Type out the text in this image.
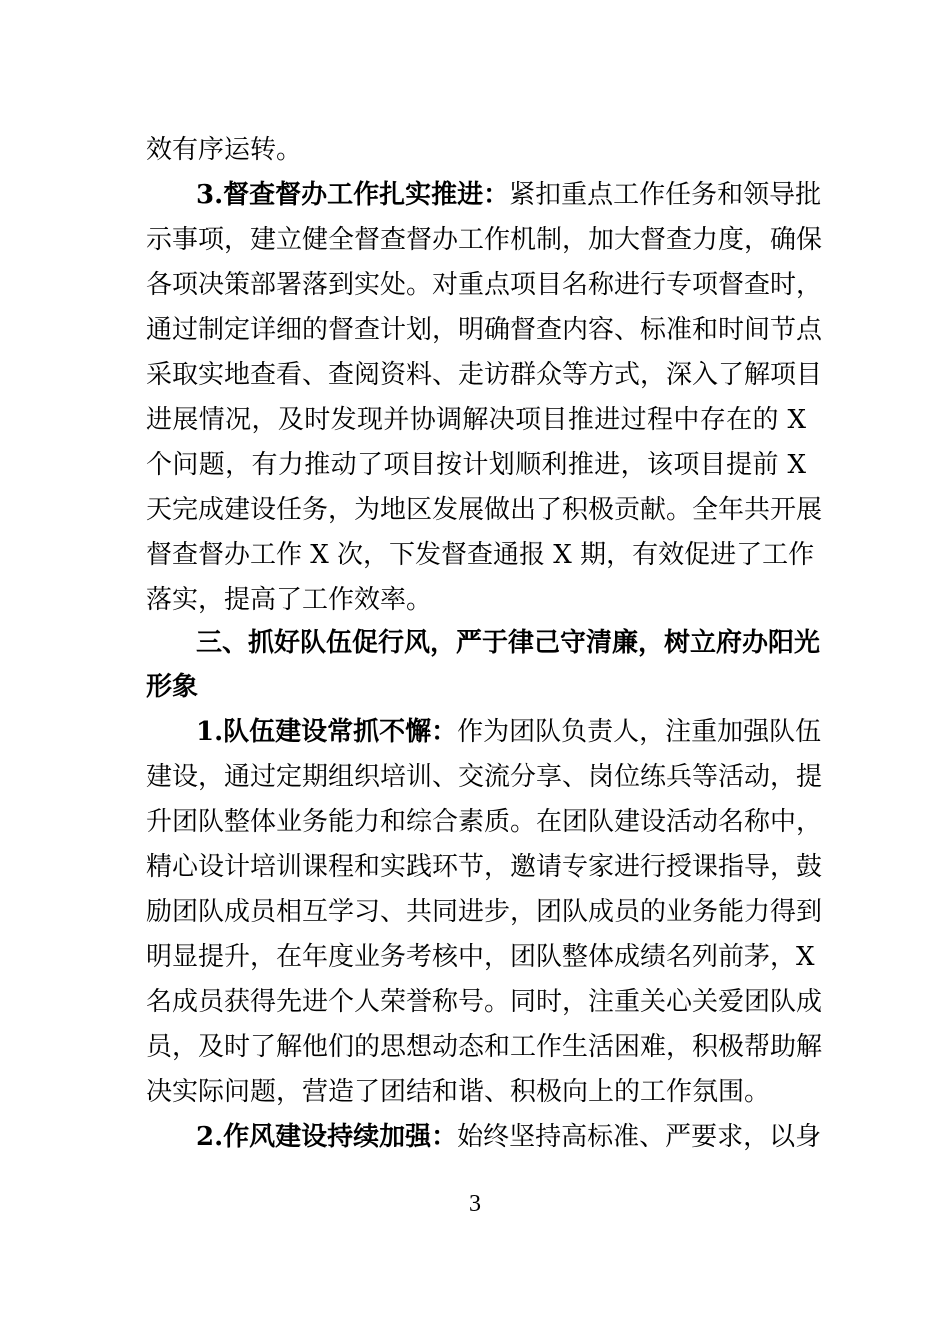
效有序运转。
3.督查督办工作扎实推进：紧扣重点工作任务和领导批
示事项，建立健全督查督办工作机制，加大督查力度，确保
各项决策部署落到实处。对重点项目名称进行专项督查时，
通过制定详细的督查计划，明确督查内容、标准和时间节点
采取实地查看、查阅资料、走访群众等方式，深入了解项目
进展情况，及时发现并协调解决项目推进过程中存在的 X
个问题，有力推动了项目按计划顺利推进，该项目提前 X
天完成建设任务，为地区发展做出了积极贡献。全年共开展
督查督办工作 X 次，下发督查通报 X 期，有效促进了工作
落实，提高了工作效率。
三、抓好队伍促行风，严于律己守清廉，树立府办阳光
形象
1.队伍建设常抓不懈：作为团队负责人，注重加强队伍
建设，通过定期组织培训、交流分享、岗位练兵等活动，提
升团队整体业务能力和综合素质。在团队建设活动名称中，
精心设计培训课程和实践环节，邀请专家进行授课指导，鼓
励团队成员相互学习、共同进步，团队成员的业务能力得到
明显提升，在年度业务考核中，团队整体成绩名列前茅，X
名成员获得先进个人荣誉称号。同时，注重关心关爱团队成
员，及时了解他们的思想动态和工作生活困难，积极帮助解
决实际问题，营造了团结和谐、积极向上的工作氛围。
2.作风建设持续加强：始终坚持高标准、严要求，以身
3
